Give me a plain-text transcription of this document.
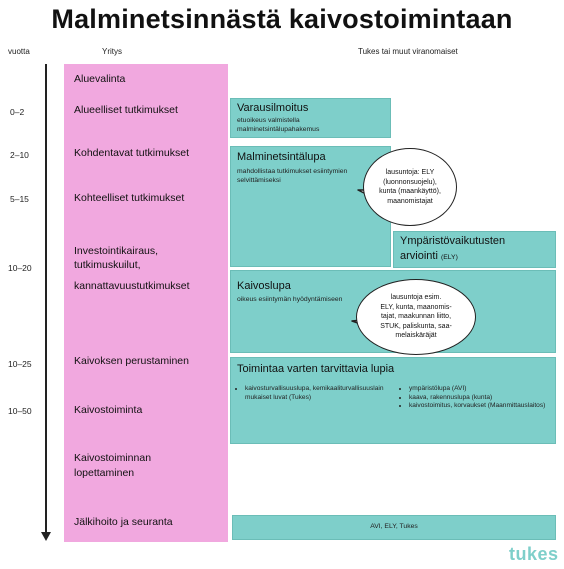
Malminetsinnästä kaivostoimintaan
vuotta	Yritys	Tukes tai muut viranomaiset
0–2
2–10
5–15
10–20
10–25
10–50
Aluevalinta
Alueelliset tutkimukset
Kohdentavat tutkimukset
Kohteelliset tutkimukset
Investointikairaus,
tutkimuskuilut,
kannattavuustutkimukset
Kaivoksen perustaminen
Kaivostoiminta
Kaivostoiminnan
lopettaminen
Jälkihoito ja seuranta
Varausilmoitus
etuoikeus valmistella
malminetsintälupahakemus
Malminetsintälupa
mahdollistaa tutkimukset esiintymien
selvittämiseksi
Ympäristövaikutusten
arviointi (ELY)
Kaivoslupa
oikeus esiintymän hyödyntämiseen
Toimintaa varten tarvittavia lupia
• kaivosturvallisuuslupa, kemikaaliturvallisuuslain mukaiset luvat (Tukes)
• ympäristölupa (AVI)
• kaava, rakennuslupa (kunta)
• kaivostoimitus, korvaukset (Maanmittauslaitos)
AVI, ELY, Tukes
lausuntoja: ELY
(luonnonsuojelu),
kunta (maankäyttö),
maanomistajat
lausuntoja esim.
ELY, kunta, maanomis-
tajat, maakunnan liitto,
STUK, paliskunta, saa-
melaiskäräjät
tukes
